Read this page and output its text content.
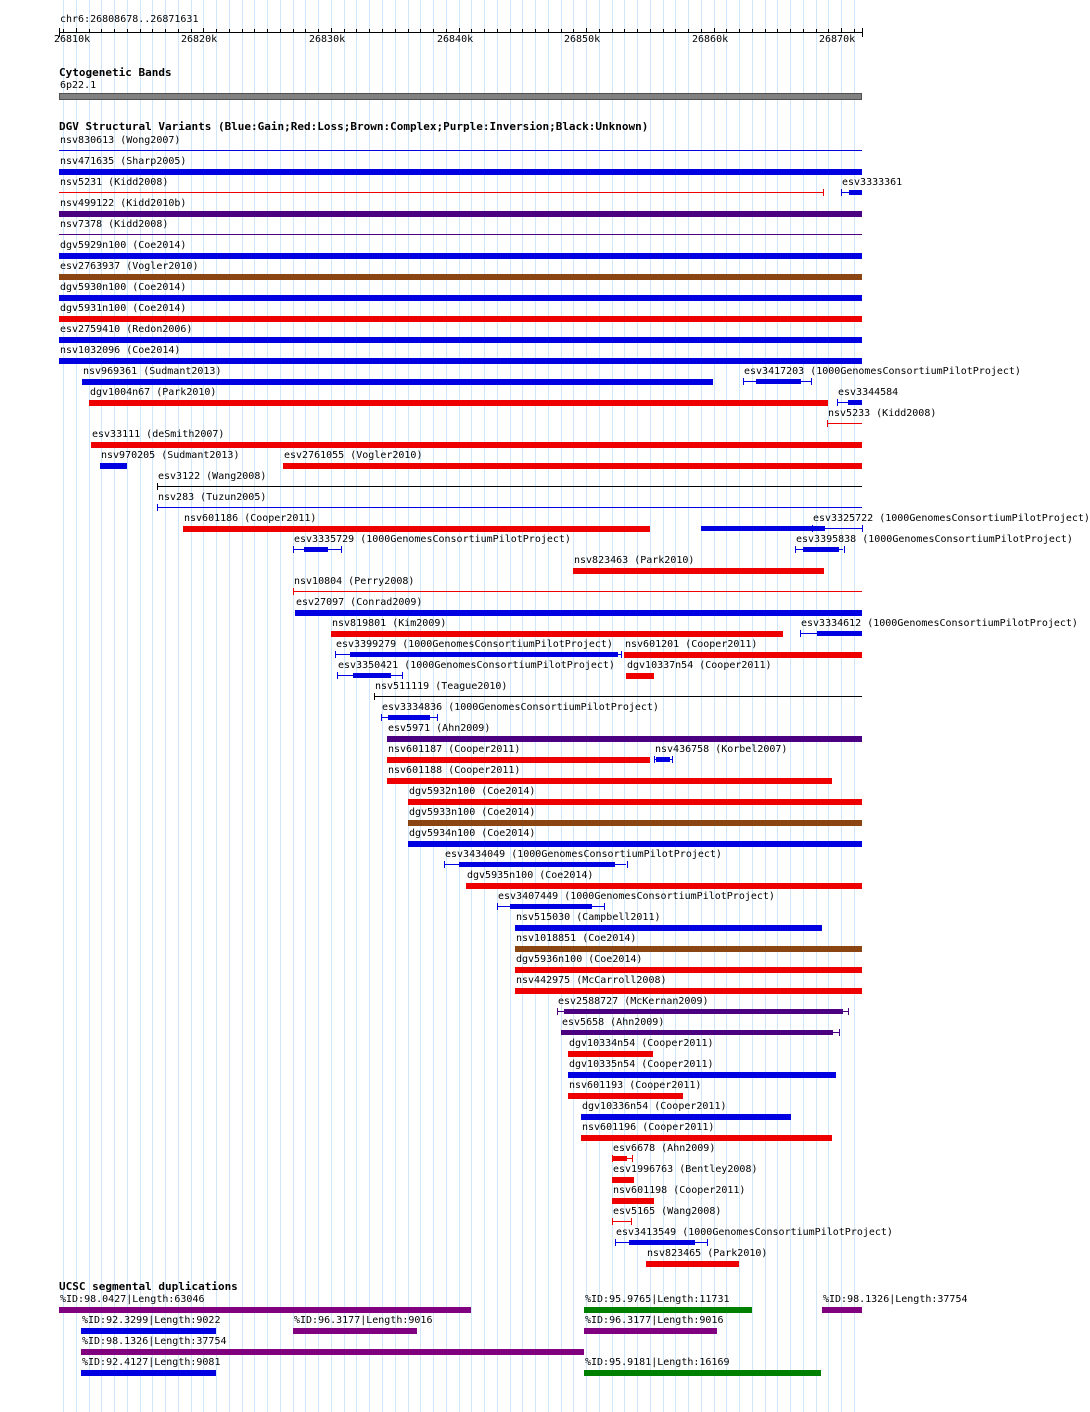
chr6:26808678..26871631
26810k	26820k	26830k	26840k	26850k	26860k	26870k
Cytogenetic Bands
6p22.1
DGV Structural Variants (Blue:Gain;Red:Loss;Brown:Complex;Purple:Inversion;Black:Unknown)
nsv830613 (Wong2007)
nsv471635 (Sharp2005)
nsv5231 (Kidd2008)	esv3333361
nsv499122 (Kidd2010b)
nsv7378 (Kidd2008)
dgv5929n100 (Coe2014)
esv2763937 (Vogler2010)
dgv5930n100 (Coe2014)
dgv5931n100 (Coe2014)
esv2759410 (Redon2006)
nsv1032096 (Coe2014)
nsv969361 (Sudmant2013)	esv3417203 (1000GenomesConsortiumPilotProject)
dgv1004n67 (Park2010)
nsv5233 (Kidd2008)
esv33111 (deSmith2007)
nsv970205 (Sudmant2013)	esv2761055 (Vogler2010)
esv3122 (Wang2008)
nsv283 (Tuzun2005)
nsv601186 (Cooper2011)	esv3325722 (1000GenomesConsortiumPilotProject)
esv3335729 (1000GenomesConsortiumPilotProject)
nsv823463 (Park2010)
esv3344584
nsv10804 (Perry2008)
esv27097 (Conrad2009)
nsv819801 (Kim2009)
esv3395838 (1000GenomesConsortiumPilotProject)
esv3399279 (1000GenomesConsortiumPilotProject) nsv601201 (Cooper2011)
esv3350421 (1000GenomesConsortiumPilotProject) dgv10337n54 (Cooper2011)
esv3334612 (1000GenomesConsortiumPilotProject)
nsv511119 (Teague2010)
esv3334836 (1000GenomesConsortiumPilotProject)
esv5971 (Ahn2009)
nsv601187 (Cooper2011)
nsv601188 (Cooper2011)
dgv5932n100 (Coe2014)
dgv5933n100 (Coe2014)
dgv5934n100 (Coe2014)
esv3434049 (1000GenomesConsortiumPilotProject)
dgv5935n100 (Coe2014)
esv3407449 (1000GenomesConsortiumPilotProject)
nsv515030 (Campbell2011)
nsv1018851 (Coe2014)
dgv5936n100 (Coe2014)
nsv442975 (McCarroll2008)
esv2588727 (McKernan2009)
esv5658 (Ahn2009)
dgv10334n54 (Cooper2011)
dgv10335n54 (Cooper2011)
nsv601193 (Cooper2011)
dgv10336n54 (Cooper2011)
nsv601196 (Cooper2011)
esv6678 (Ahn2009)
esv1996763 (Bentley2008)
nsv601198 (Cooper2011)
esv5165 (Wang2008)
esv3413549 (1000GenomesConsortiumPilotProject)
nsv823465 (Park2010)
nsv436758 (Korbel2007)
UCSC segmental duplications
%ID:98.0427|Length:63046	%ID:95.9765|Length:11731	%ID:98.1326|Length:37754
%ID:92.3299|Length:9022	%ID:96.3177|Length:9016	%ID:96.3177|Length:9016
%ID:98.1326|Length:37754
%ID:92.4127|Length:9081	%ID:95.9181|Length:16169
